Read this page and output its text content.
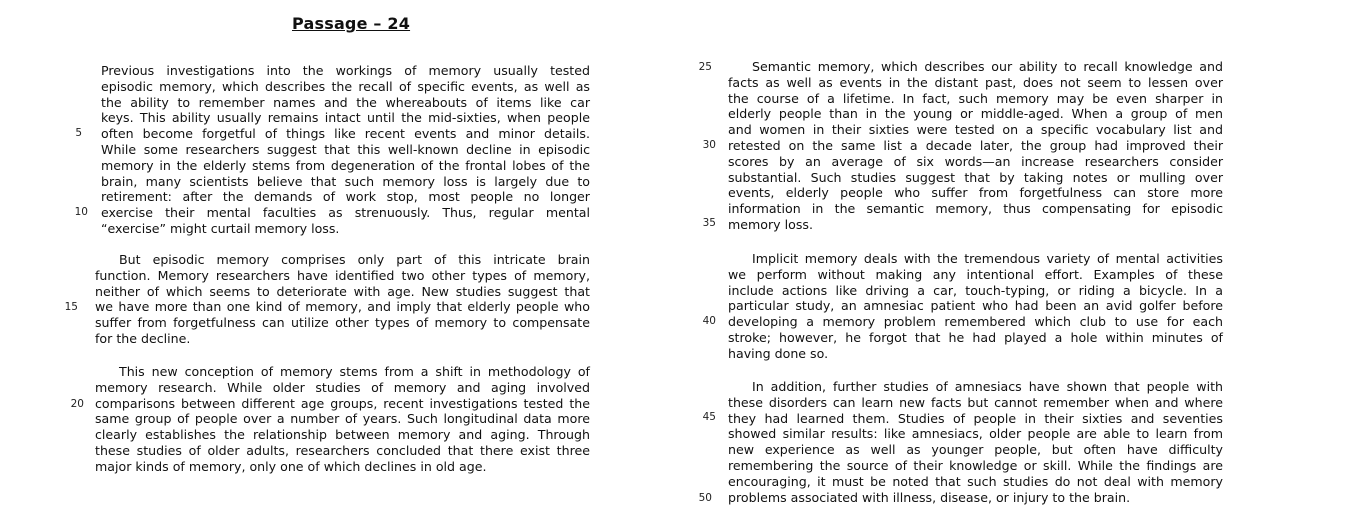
Passage – 24
Previous investigations into the workings of memory usually tested
episodic memory, which describes the recall of specific events, as well as
the ability to remember names and the whereabouts of items like car
keys. This ability usually remains intact until the mid-sixties, when people
often become forgetful of things like recent events and minor details.
While some researchers suggest that this well-known decline in episodic
memory in the elderly stems from degeneration of the frontal lobes of the
brain, many scientists believe that such memory loss is largely due to
retirement: after the demands of work stop, most people no longer
exercise their mental faculties as strenuously. Thus, regular mental
“exercise” might curtail memory loss.
But episodic memory comprises only part of this intricate brain
function. Memory researchers have identified two other types of memory,
neither of which seems to deteriorate with age. New studies suggest that
we have more than one kind of memory, and imply that elderly people who
suffer from forgetfulness can utilize other types of memory to compensate
for the decline.
This new conception of memory stems from a shift in methodology of
memory research. While older studies of memory and aging involved
comparisons between different age groups, recent investigations tested the
same group of people over a number of years. Such longitudinal data more
clearly establishes the relationship between memory and aging. Through
these studies of older adults, researchers concluded that there exist three
major kinds of memory, only one of which declines in old age.
Semantic memory, which describes our ability to recall knowledge and
facts as well as events in the distant past, does not seem to lessen over
the course of a lifetime. In fact, such memory may be even sharper in
elderly people than in the young or middle-aged. When a group of men
and women in their sixties were tested on a specific vocabulary list and
retested on the same list a decade later, the group had improved their
scores by an average of six words—an increase researchers consider
substantial. Such studies suggest that by taking notes or mulling over
events, elderly people who suffer from forgetfulness can store more
information in the semantic memory, thus compensating for episodic
memory loss.
Implicit memory deals with the tremendous variety of mental activities
we perform without making any intentional effort. Examples of these
include actions like driving a car, touch-typing, or riding a bicycle. In a
particular study, an amnesiac patient who had been an avid golfer before
developing a memory problem remembered which club to use for each
stroke; however, he forgot that he had played a hole within minutes of
having done so.
In addition, further studies of amnesiacs have shown that people with
these disorders can learn new facts but cannot remember when and where
they had learned them. Studies of people in their sixties and seventies
showed similar results: like amnesiacs, older people are able to learn from
new experience as well as younger people, but often have difficulty
remembering the source of their knowledge or skill. While the findings are
encouraging, it must be noted that such studies do not deal with memory
problems associated with illness, disease, or injury to the brain.
5
10
15
20
25
30
35
40
45
50
